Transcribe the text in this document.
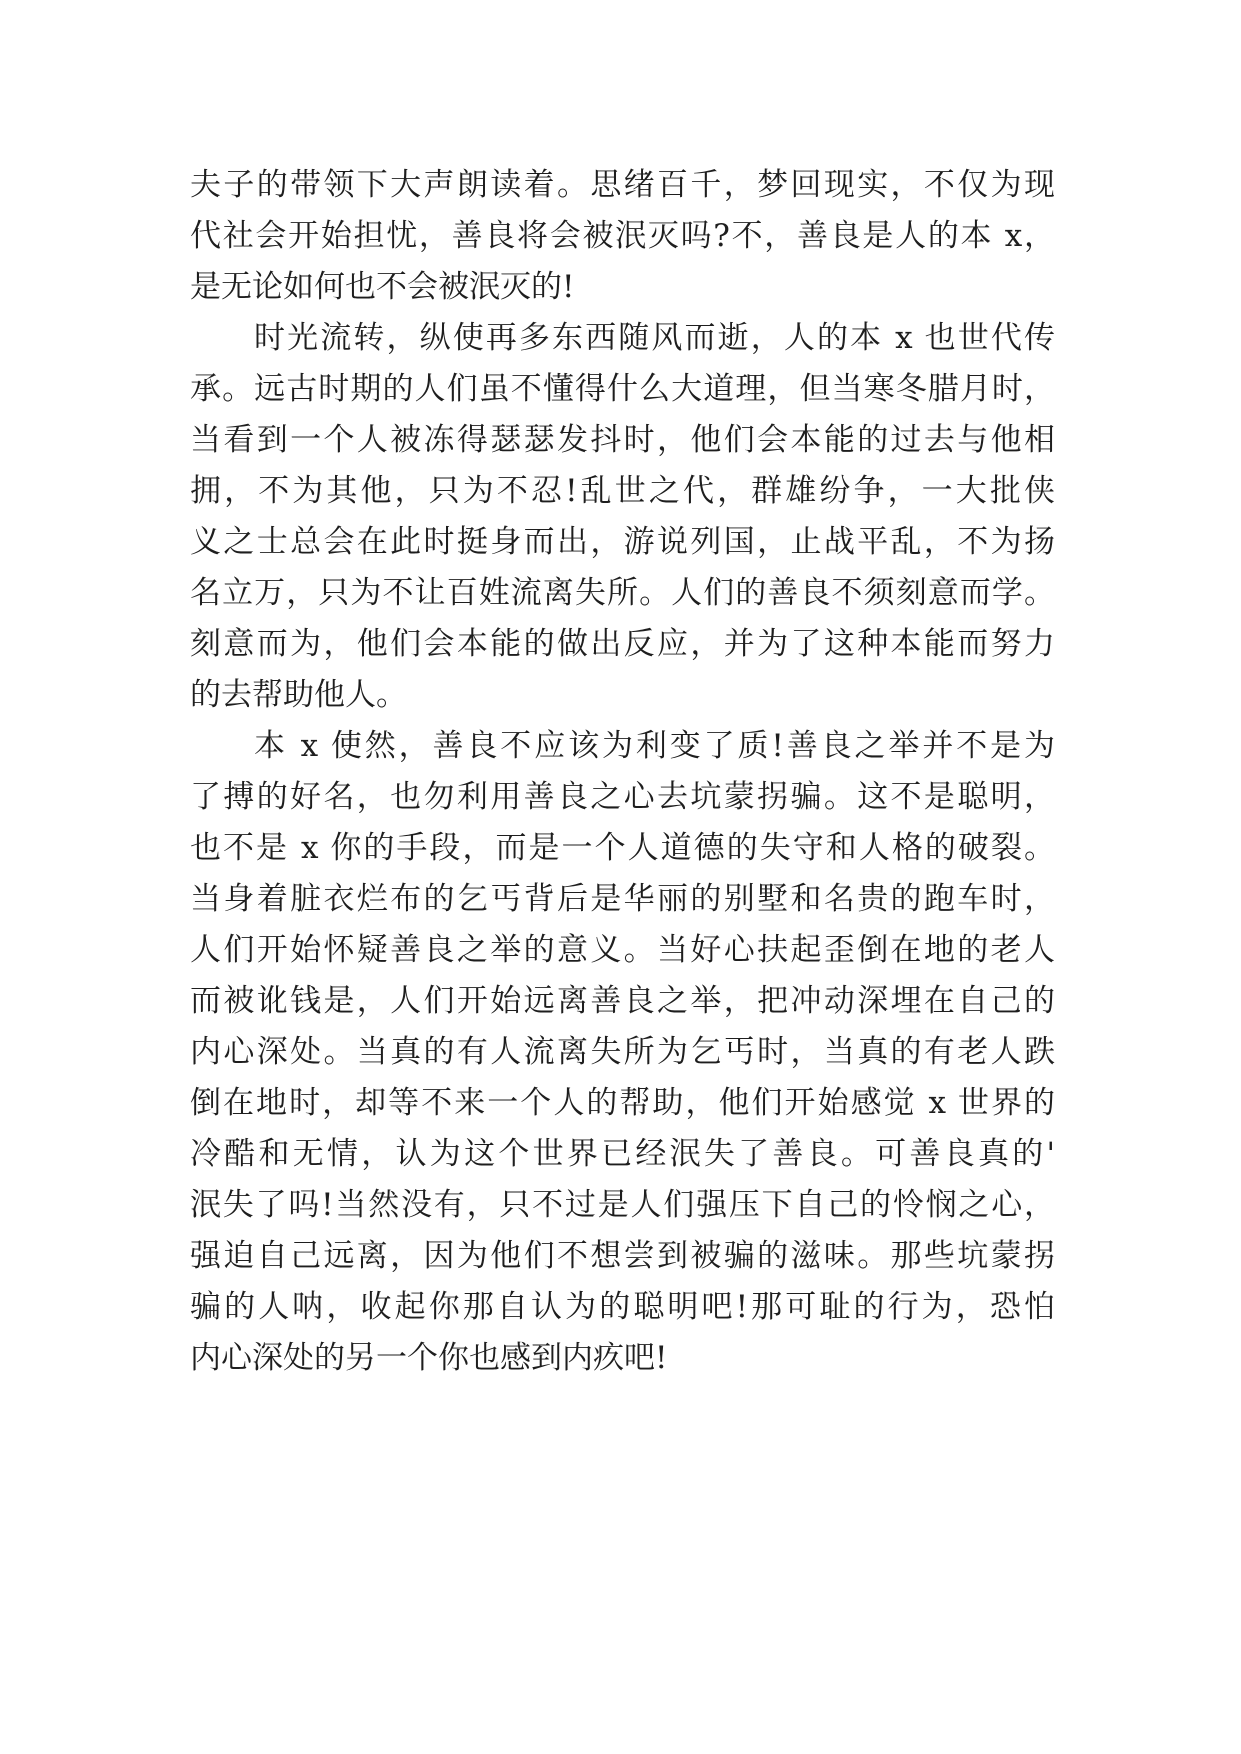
夫子的带领下大声朗读着。思绪百千，梦回现实，不仅为现
代社会开始担忧，善良将会被泯灭吗?不，善良是人的本 x，
是无论如何也不会被泯灭的!
时光流转，纵使再多东西随风而逝，人的本 x 也世代传
承。远古时期的人们虽不懂得什么大道理，但当寒冬腊月时，
当看到一个人被冻得瑟瑟发抖时，他们会本能的过去与他相
拥，不为其他，只为不忍!乱世之代，群雄纷争，一大批侠
义之士总会在此时挺身而出，游说列国，止战平乱，不为扬
名立万，只为不让百姓流离失所。人们的善良不须刻意而学。
刻意而为，他们会本能的做出反应，并为了这种本能而努力
的去帮助他人。
本 x 使然，善良不应该为利变了质!善良之举并不是为
了搏的好名，也勿利用善良之心去坑蒙拐骗。这不是聪明，
也不是 x 你的手段，而是一个人道德的失守和人格的破裂。
当身着脏衣烂布的乞丐背后是华丽的别墅和名贵的跑车时，
人们开始怀疑善良之举的意义。当好心扶起歪倒在地的老人
而被讹钱是，人们开始远离善良之举，把冲动深埋在自己的
内心深处。当真的有人流离失所为乞丐时，当真的有老人跌
倒在地时，却等不来一个人的帮助，他们开始感觉 x 世界的
冷酷和无情，认为这个世界已经泯失了善良。可善良真的'
泯失了吗!当然没有，只不过是人们强压下自己的怜悯之心，
强迫自己远离，因为他们不想尝到被骗的滋味。那些坑蒙拐
骗的人呐，收起你那自认为的聪明吧!那可耻的行为，恐怕
内心深处的另一个你也感到内疚吧!
